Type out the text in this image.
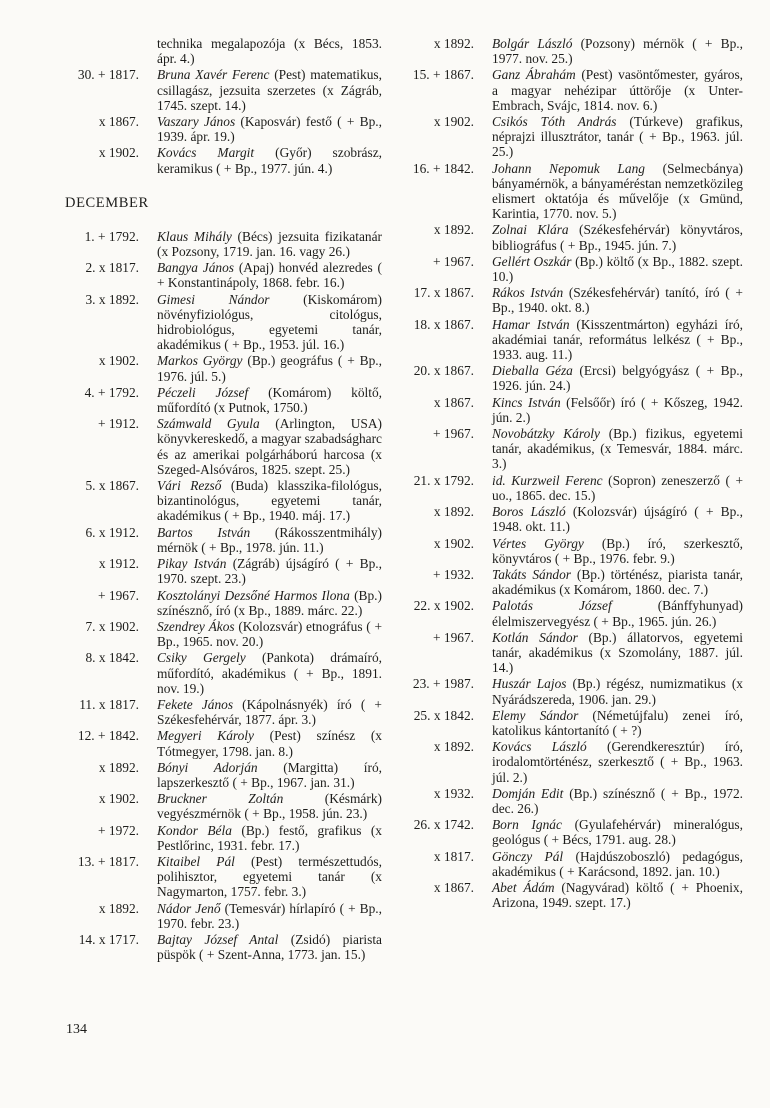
technika megalapozója (x Bécs, 1853. ápr. 4.)
30. + 1817.	Bruna Xavér Ferenc (Pest) matematikus, csillagász, jezsuita szerzetes (x Zágráb, 1745. szept. 14.)
x 1867.	Vaszary János (Kaposvár) festő ( + Bp., 1939. ápr. 19.)
x 1902.	Kovács Margit (Győr) szobrász, keramikus ( + Bp., 1977. jún. 4.)
DECEMBER
1. + 1792.	Klaus Mihály (Bécs) jezsuita fizikatanár (x Pozsony, 1719. jan. 16. vagy 26.)
2. x 1817.	Bangya János (Apaj) honvéd alezredes ( + Konstantinápoly, 1868. febr. 16.)
3. x 1892.	Gimesi Nándor (Kiskomárom) növényfiziológus, citológus, hidrobiológus, egyetemi tanár, akadémikus ( + Bp., 1953. júl. 16.)
x 1902.	Markos György (Bp.) geográfus ( + Bp., 1976. júl. 5.)
4. + 1792.	Péczeli József (Komárom) költő, műfordító (x Putnok, 1750.)
+ 1912.	Számwald Gyula (Arlington, USA) könyvkereskedő, a magyar szabadságharc és az amerikai polgárháború harcosa (x Szeged-Alsóváros, 1825. szept. 25.)
5. x 1867.	Vári Rezső (Buda) klasszika-filológus, bizantinológus, egyetemi tanár, akadémikus ( + Bp., 1940. máj. 17.)
6. x 1912.	Bartos István (Rákosszentmihály) mérnök ( + Bp., 1978. jún. 11.)
x 1912.	Pikay István (Zágráb) újságíró ( + Bp., 1970. szept. 23.)
+ 1967.	Kosztolányi Dezsőné Harmos Ilona (Bp.) színésznő, író (x Bp., 1889. márc. 22.)
7. x 1902.	Szendrey Ákos (Kolozsvár) etnográfus ( + Bp., 1965. nov. 20.)
8. x 1842.	Csiky Gergely (Pankota) drámaíró, műfordító, akadémikus ( + Bp., 1891. nov. 19.)
11. x 1817.	Fekete János (Kápolnásnyék) író ( + Székesfehérvár, 1877. ápr. 3.)
12. + 1842.	Megyeri Károly (Pest) színész (x Tótmegyer, 1798. jan. 8.)
x 1892.	Bónyi Adorján (Margitta) író, lapszerkesztő ( + Bp., 1967. jan. 31.)
x 1902.	Bruckner Zoltán (Késmárk) vegyészmérnök ( + Bp., 1958. jún. 23.)
+ 1972.	Kondor Béla (Bp.) festő, grafikus (x Pestlőrinc, 1931. febr. 17.)
13. + 1817.	Kitaibel Pál (Pest) természettudós, polihisztor, egyetemi tanár (x Nagymarton, 1757. febr. 3.)
x 1892.	Nádor Jenő (Temesvár) hírlapíró ( + Bp., 1970. febr. 23.)
14. x 1717.	Bajtay József Antal (Zsidó) piarista püspök ( + Szent-Anna, 1773. jan. 15.)
x 1892.	Bolgár László (Pozsony) mérnök ( + Bp., 1977. nov. 25.)
15. + 1867.	Ganz Ábrahám (Pest) vasöntőmester, gyáros, a magyar nehézipar úttörője (x Unter-Embrach, Svájc, 1814. nov. 6.)
x 1902.	Csikós Tóth András (Túrkeve) grafikus, néprajzi illusztrátor, tanár ( + Bp., 1963. júl. 25.)
16. + 1842.	Johann Nepomuk Lang (Selmecbánya) bányamérnök, a bányaméréstan nemzetközileg elismert oktatója és művelője (x Gmünd, Karintia, 1770. nov. 5.)
x 1892.	Zolnai Klára (Székesfehérvár) könyvtáros, bibliográfus ( + Bp., 1945. jún. 7.)
+ 1967.	Gellért Oszkár (Bp.) költő (x Bp., 1882. szept. 10.)
17. x 1867.	Rákos István (Székesfehérvár) tanító, író ( + Bp., 1940. okt. 8.)
18. x 1867.	Hamar István (Kisszentmárton) egyházi író, akadémiai tanár, református lelkész ( + Bp., 1933. aug. 11.)
20. x 1867.	Dieballa Géza (Ercsi) belgyógyász ( + Bp., 1926. jún. 24.)
x 1867.	Kincs István (Felsőőr) író ( + Kőszeg, 1942. jún. 2.)
+ 1967.	Novobátzky Károly (Bp.) fizikus, egyetemi tanár, akadémikus, (x Temesvár, 1884. márc. 3.)
21. x 1792.	id. Kurzweil Ferenc (Sopron) zeneszerző ( + uo., 1865. dec. 15.)
x 1892.	Boros László (Kolozsvár) újságíró ( + Bp., 1948. okt. 11.)
x 1902.	Vértes György (Bp.) író, szerkesztő, könyvtáros ( + Bp., 1976. febr. 9.)
+ 1932.	Takáts Sándor (Bp.) történész, piarista tanár, akadémikus (x Komárom, 1860. dec. 7.)
22. x 1902.	Palotás József (Bánffyhunyad) élelmiszervegyész ( + Bp., 1965. jún. 26.)
+ 1967.	Kotlán Sándor (Bp.) állatorvos, egyetemi tanár, akadémikus (x Szomolány, 1887. júl. 14.)
23. + 1987.	Huszár Lajos (Bp.) régész, numizmatikus (x Nyárádszereda, 1906. jan. 29.)
25. x 1842.	Elemy Sándor (Németújfalu) zenei író, katolikus kántortanító ( + ?)
x 1892.	Kovács László (Gerendkeresztúr) író, irodalomtörténész, szerkesztő ( + Bp., 1963. júl. 2.)
x 1932.	Domján Edit (Bp.) színésznő ( + Bp., 1972. dec. 26.)
26. x 1742.	Born Ignác (Gyulafehérvár) mineralógus, geológus ( + Bécs, 1791. aug. 28.)
x 1817.	Gönczy Pál (Hajdúszoboszló) pedagógus, akadémikus ( + Karácsond, 1892. jan. 10.)
x 1867.	Abet Ádám (Nagyvárad) költő ( + Phoenix, Arizona, 1949. szept. 17.)
134
